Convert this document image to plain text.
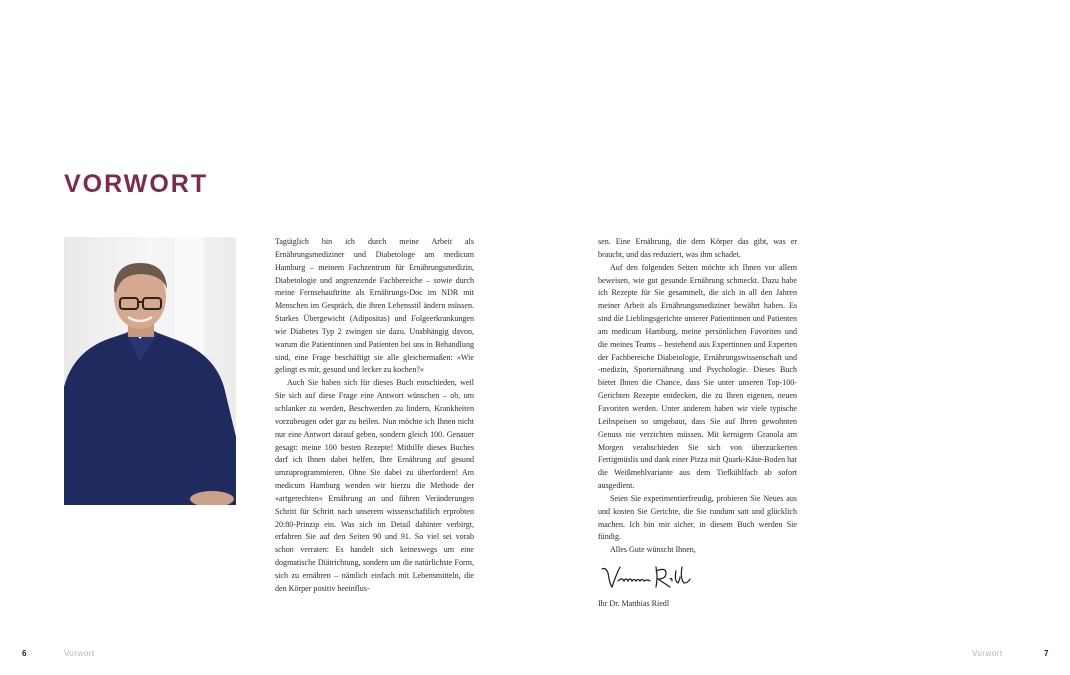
VORWORT

Tagtäglich bin ich durch meine Arbeit als Ernährungsmediziner und Diabetologe am medicum Hamburg – meinem Fachzentrum für Ernährungsmedizin, Diabetologie und angrenzende Fachbereiche – sowie durch meine Fernsehauftritte als Ernährungs-Doc im NDR mit Menschen im Gespräch, die ihren Lebensstil ändern müssen. Starkes Übergewicht (Adipositas) und Folgeerkrankungen wie Diabetes Typ 2 zwingen sie dazu. Unabhängig davon, warum die Patientinnen und Patienten bei uns in Behandlung sind, eine Frage beschäftigt sie alle gleichermaßen: »Wie gelingt es mir, gesund und lecker zu kochen?«

Auch Sie haben sich für dieses Buch entschieden, weil Sie sich auf diese Frage eine Antwort wünschen – ob, um schlanker zu werden, Beschwerden zu lindern, Krankheiten vorzubeugen oder gar zu heilen. Nun möchte ich Ihnen nicht nur eine Antwort darauf geben, sondern gleich 100. Genauer gesagt: meine 100 besten Rezepte! Mithilfe dieses Buches darf ich Ihnen dabei helfen, Ihre Ernährung auf gesund umzuprogrammieren. Ohne Sie dabei zu überfordern! Am medicum Hamburg wenden wir hierzu die Methode der »artgerechten« Ernährung an und führen Veränderungen Schritt für Schritt nach unserem wissenschaftlich erprobten 20:80-Prinzip ein. Was sich im Detail dahinter verbirgt, erfahren Sie auf den Seiten 90 und 91. So viel sei vorab schon verraten: Es handelt sich keineswegs um eine dogmatische Diätrichtung, sondern um die natürlichste Form, sich zu ernähren – nämlich einfach mit Lebensmitteln, die den Körper positiv beeinflus-

sen. Eine Ernährung, die dem Körper das gibt, was er braucht, und das reduziert, was ihm schadet.

Auf den folgenden Seiten möchte ich Ihnen vor allem beweisen, wie gut gesunde Ernährung schmeckt. Dazu habe ich Rezepte für Sie gesammelt, die sich in all den Jahren meiner Arbeit als Ernährungsmediziner bewährt haben. Es sind die Lieblingsgerichte unserer Patientinnen und Patienten am medicum Hamburg, meine persönlichen Favoriten und die meines Teams – bestehend aus Expertinnen und Experten der Fachbereiche Diabetologie, Ernährungswissenschaft und -medizin, Sporternährung und Psychologie. Dieses Buch bietet Ihnen die Chance, dass Sie unter unseren Top-100-Gerichten Rezepte entdecken, die zu Ihren eigenen, neuen Favoriten werden. Unter anderem haben wir viele typische Leibspeisen so umgebaut, dass Sie auf Ihren gewohnten Genuss nie verzichten müssen. Mit kernigem Granola am Morgen verabschieden Sie sich von überzuckerten Fertigmüslis und dank einer Pizza mit Quark-Käse-Boden hat die Weißmehlvariante aus dem Tiefkühlfach ab sofort ausgedient.

Seien Sie experimentierfreudig, probieren Sie Neues aus und kosten Sie Gerichte, die Sie rundum satt und glücklich machen. Ich bin mir sicher, in diesem Buch werden Sie fündig.

Alles Gute wünscht Ihnen,

Ihr Dr. Matthias Riedl

6	Vorwort	Vorwort	7
